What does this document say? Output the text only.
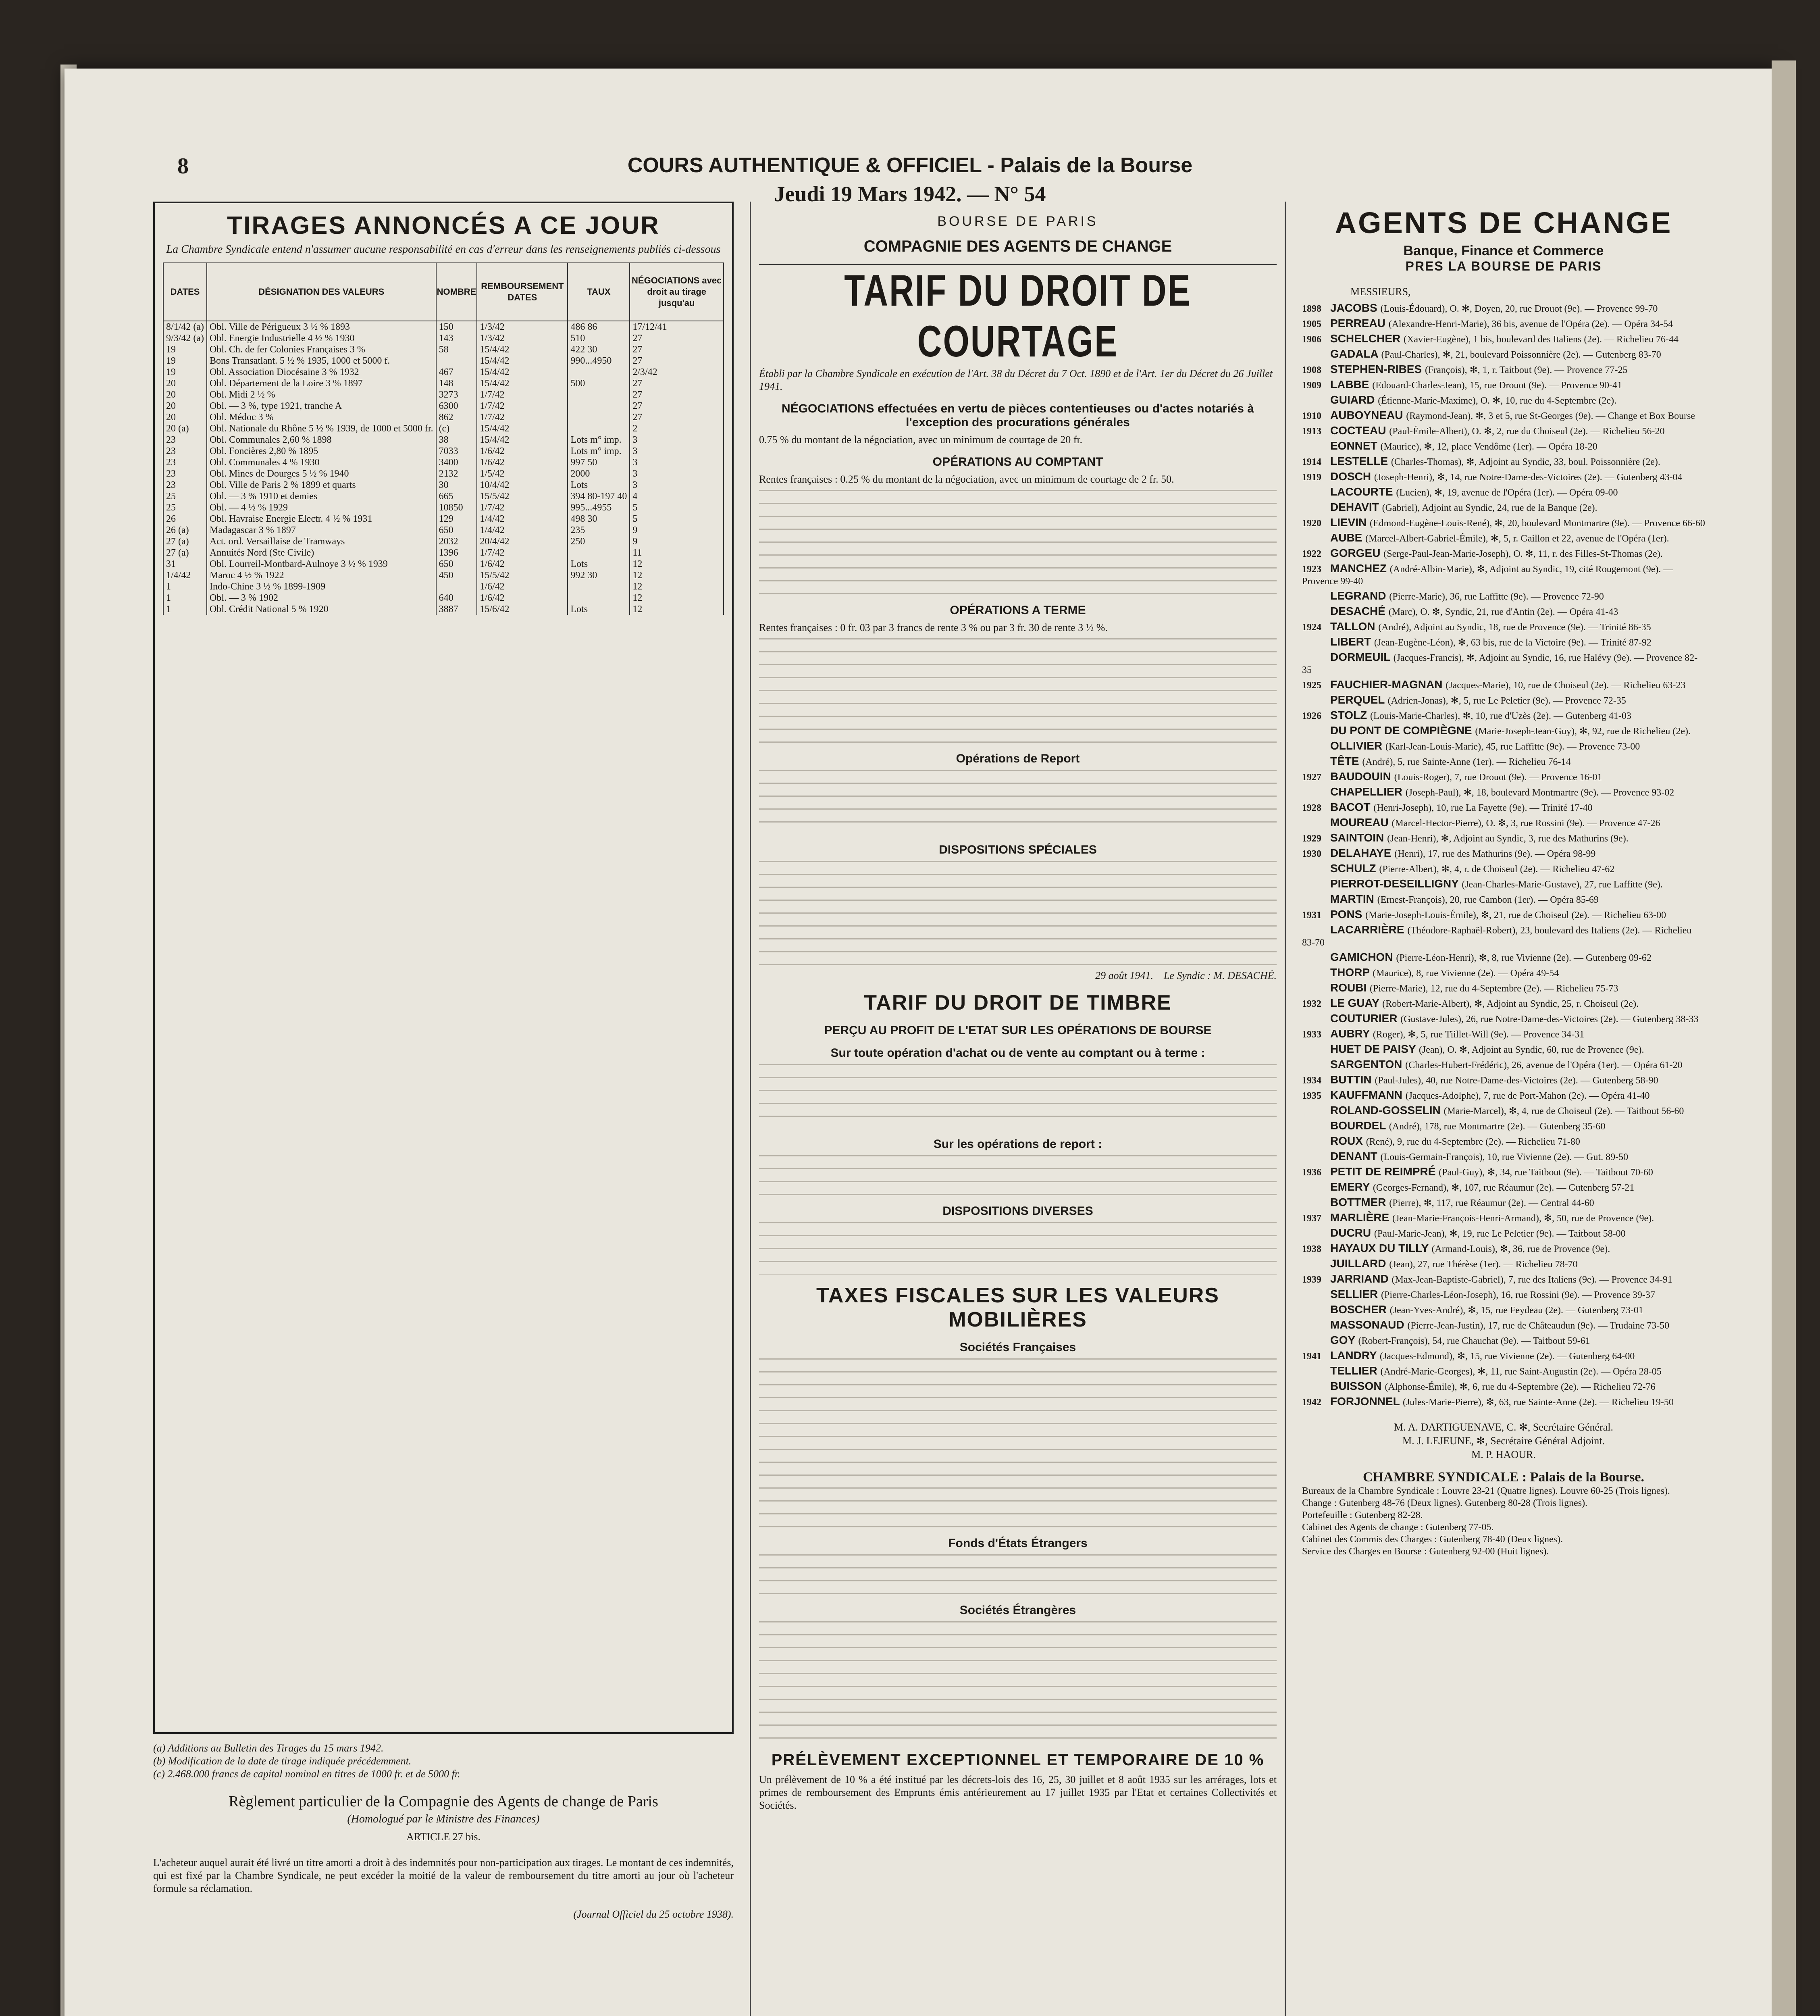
8	COURS AUTHENTIQUE & OFFICIEL - Palais de la Bourse
Jeudi 19 Mars 1942. — N° 54
TIRAGES ANNONCÉS A CE JOUR
La Chambre Syndicale entend n'assumer aucune responsabilité en cas d'erreur dans les renseignements publiés ci-dessous
DATES	DÉSIGNATION DES VALEURS	NOMBRE	REMBOURSEMENT DATES	TAUX	NÉGOCIATIONS avec droit au tirage jusqu'au
8/1/42 (a)	Obl. Ville de Périgueux 3 ½ % 1893	150	1/3/42	486 86	17/12/41
9/3/42 (a)	Obl. Energie Industrielle 4 ½ % 1930	143	1/3/42	510	27
19	Obl. Ch. de fer Colonies Françaises 3 %	58	15/4/42	422 30	27
19	Bons Transatlant. 5 ½ % 1935, 1000 et 5000 f.		15/4/42	990...4950	27
19	Obl. Association Diocésaine 3 % 1932	467	15/4/42		2/3/42
20	Obl. Département de la Loire 3 % 1897	148	15/4/42	500	27
20	Obl. Midi 2 ½ %	3273	1/7/42		27
20	Obl. — 3 %, type 1921, tranche A	6300	1/7/42		27
20	Obl. Médoc 3 %	862	1/7/42		27
20 (a)	Obl. Nationale du Rhône 5 ½ % 1939, de 1000 et 5000 fr.	(c)	15/4/42		2
23	Obl. Communales 2,60 % 1898	38	15/4/42	Lots m° imp.	3
23	Obl. Foncières 2,80 % 1895	7033	1/6/42	Lots m° imp.	3
23	Obl. Communales 4 % 1930	3400	1/6/42	997 50	3
23	Obl. Mines de Dourges 5 ½ % 1940	2132	1/5/42	2000	3
23	Obl. Ville de Paris 2 % 1899 et quarts	30	10/4/42	Lots	3
25	Obl. — 3 % 1910 et demies	665	15/5/42	394 80-197 40	4
25	Obl. — 4 ½ % 1929	10850	1/7/42	995...4955	5
26	Obl. Havraise Energie Electr. 4 ½ % 1931	129	1/4/42	498 30	5
26 (a)	Madagascar 3 % 1897	650	1/4/42	235	9
27 (a)	Act. ord. Versaillaise de Tramways	2032	20/4/42	250	9
27 (a)	Annuités Nord (Ste Civile)	1396	1/7/42		11
31	Obl. Lourreil-Montbard-Aulnoye 3 ½ % 1939	650	1/6/42	Lots	12
1/4/42	Maroc 4 ½ % 1922	450	15/5/42	992 30	12
1	Indo-Chine 3 ½ % 1899-1909		1/6/42		12
1	Obl. — 3 % 1902	640	1/6/42		12
1	Obl. Crédit National 5 % 1920	3887	15/6/42	Lots	12
(a) Additions au Bulletin des Tirages du 15 mars 1942.
(b) Modification de la date de tirage indiquée précédemment.
(c) 2.468.000 francs de capital nominal en titres de 1000 fr. et de 5000 fr.
Règlement particulier de la Compagnie des Agents de change de Paris
(Homologué par le Ministre des Finances)
ARTICLE 27 bis.

L'acheteur auquel aurait été livré un titre amorti a droit à des indemnités pour non-participation aux tirages. Le montant de ces indemnités, qui est fixé par la Chambre Syndicale, ne peut excéder la moitié de la valeur de remboursement du titre amorti au jour où l'acheteur formule sa réclamation.

(Journal Officiel du 25 octobre 1938).
BOURSE DE PARIS
COMPAGNIE DES AGENTS DE CHANGE
TARIF DU DROIT DE COURTAGE
Établi par la Chambre Syndicale en exécution de l'Art. 38 du Décret du 7 Oct. 1890 et de l'Art. 1er du Décret du 26 Juillet 1941.
NÉGOCIATIONS effectuées en vertu de pièces contentieuses ou d'actes notariés à l'exception des procurations générales

0.75 % du montant de la négociation, avec un minimum de courtage de 20 fr.

OPÉRATIONS AU COMPTANT

Rentes françaises : 0.25 % du montant de la négociation, avec un minimum de courtage de 2 fr. 50.

OPÉRATIONS A TERME

Rentes françaises : 0 fr. 03 par 3 francs de rente 3 % ou par 3 fr. 30 de rente 3 ½ %.

Opérations de Report
DISPOSITIONS SPÉCIALES
29 août 1941. Le Syndic : M. DESACHÉ.
TARIF DU DROIT DE TIMBRE
PERÇU AU PROFIT DE L'ETAT SUR LES OPÉRATIONS DE BOURSE
Sur toute opération d'achat ou de vente au comptant ou à terme :
Sur les opérations de report :
DISPOSITIONS DIVERSES
TAXES FISCALES SUR LES VALEURS MOBILIÈRES
Sociétés Françaises
Fonds d'États Étrangers
Sociétés Étrangères
PRÉLÈVEMENT EXCEPTIONNEL ET TEMPORAIRE DE 10 %

Un prélèvement de 10 % a été institué par les décrets-lois des 16, 25, 30 juillet et 8 août 1935 sur les arrérages, lots et primes de remboursement des Emprunts émis antérieurement au 17 juillet 1935 par l'Etat et certaines Collectivités et Sociétés.

AGENTS DE CHANGE
Banque, Finance et Commerce
PRES LA BOURSE DE PARIS
MESSIEURS,
1898 JACOBS (Louis-Édouard), O. ✻, Doyen, 20, rue Drouot (9e). — Provence 99-70
1905 PERREAU (Alexandre-Henri-Marie), 36 bis, avenue de l'Opéra (2e). — Opéra 34-54
1906 SCHELCHER (Xavier-Eugène), 1 bis, boulevard des Italiens (2e). — Richelieu 76-44
GADALA (Paul-Charles), ✻, 21, boulevard Poissonnière (2e). — Gutenberg 83-70
1908 STEPHEN-RIBES (François), ✻, 1, r. Taitbout (9e). — Provence 77-25
1909 LABBE (Edouard-Charles-Jean), 15, rue Drouot (9e). — Provence 90-41
GUIARD (Étienne-Marie-Maxime), O. ✻, 10, rue du 4-Septembre (2e).
1910 AUBOYNEAU (Raymond-Jean), ✻, 3 et 5, rue St-Georges (9e). — Change et Box Bourse
1913 COCTEAU (Paul-Émile-Albert), O. ✻, 2, rue du Choiseul (2e). — Richelieu 56-20
EONNET (Maurice), ✻, 12, place Vendôme (1er). — Opéra 18-20
1914 LESTELLE (Charles-Thomas), ✻, Adjoint au Syndic, 33, boul. Poissonnière (2e).
1919 DOSCH (Joseph-Henri), ✻, 14, rue Notre-Dame-des-Victoires (2e). — Gutenberg 43-04
LACOURTE (Lucien), ✻, 19, avenue de l'Opéra (1er). — Opéra 09-00
DEHAVIT (Gabriel), Adjoint au Syndic, 24, rue de la Banque (2e).
1920 LIEVIN (Edmond-Eugène-Louis-René), ✻, 20, boulevard Montmartre (9e). — Provence 66-60
AUBE (Marcel-Albert-Gabriel-Émile), ✻, 5, r. Gaillon et 22, avenue de l'Opéra (1er).
1922 GORGEU (Serge-Paul-Jean-Marie-Joseph), O. ✻, 11, r. des Filles-St-Thomas (2e).
1923 MANCHEZ (André-Albin-Marie), ✻, Adjoint au Syndic, 19, cité Rougemont (9e). — Provence 99-40
LEGRAND (Pierre-Marie), 36, rue Laffitte (9e). — Provence 72-90
DESACHÉ (Marc), O. ✻, Syndic, 21, rue d'Antin (2e). — Opéra 41-43
1924 TALLON (André), Adjoint au Syndic, 18, rue de Provence (9e). — Trinité 86-35
LIBERT (Jean-Eugène-Léon), ✻, 63 bis, rue de la Victoire (9e). — Trinité 87-92
DORMEUIL (Jacques-Francis), ✻, Adjoint au Syndic, 16, rue Halévy (9e). — Provence 82-35
1925 FAUCHIER-MAGNAN (Jacques-Marie), 10, rue de Choiseul (2e). — Richelieu 63-23
PERQUEL (Adrien-Jonas), ✻, 5, rue Le Peletier (9e). — Provence 72-35
1926 STOLZ (Louis-Marie-Charles), ✻, 10, rue d'Uzès (2e). — Gutenberg 41-03
DU PONT DE COMPIÈGNE (Marie-Joseph-Jean-Guy), ✻, 92, rue de Richelieu (2e).
OLLIVIER (Karl-Jean-Louis-Marie), 45, rue Laffitte (9e). — Provence 73-00
TÊTE (André), 5, rue Sainte-Anne (1er). — Richelieu 76-14
1927 BAUDOUIN (Louis-Roger), 7, rue Drouot (9e). — Provence 16-01
CHAPELLIER (Joseph-Paul), ✻, 18, boulevard Montmartre (9e). — Provence 93-02
1928 BACOT (Henri-Joseph), 10, rue La Fayette (9e). — Trinité 17-40
MOUREAU (Marcel-Hector-Pierre), O. ✻, 3, rue Rossini (9e). — Provence 47-26
1929 SAINTOIN (Jean-Henri), ✻, Adjoint au Syndic, 3, rue des Mathurins (9e).
1930 DELAHAYE (Henri), 17, rue des Mathurins (9e). — Opéra 98-99
SCHULZ (Pierre-Albert), ✻, 4, r. de Choiseul (2e). — Richelieu 47-62
PIERROT-DESEILLIGNY (Jean-Charles-Marie-Gustave), 27, rue Laffitte (9e).
MARTIN (Ernest-François), 20, rue Cambon (1er). — Opéra 85-69
1931 PONS (Marie-Joseph-Louis-Émile), ✻, 21, rue de Choiseul (2e). — Richelieu 63-00
LACARRIÈRE (Théodore-Raphaël-Robert), 23, boulevard des Italiens (2e). — Richelieu 83-70
GAMICHON (Pierre-Léon-Henri), ✻, 8, rue Vivienne (2e). — Gutenberg 09-62
THORP (Maurice), 8, rue Vivienne (2e). — Opéra 49-54
ROUBI (Pierre-Marie), 12, rue du 4-Septembre (2e). — Richelieu 75-73
1932 LE GUAY (Robert-Marie-Albert), ✻, Adjoint au Syndic, 25, r. Choiseul (2e).
COUTURIER (Gustave-Jules), 26, rue Notre-Dame-des-Victoires (2e). — Gutenberg 38-33
1933 AUBRY (Roger), ✻, 5, rue Tiillet-Will (9e). — Provence 34-31
HUET DE PAISY (Jean), O. ✻, Adjoint au Syndic, 60, rue de Provence (9e).
SARGENTON (Charles-Hubert-Frédéric), 26, avenue de l'Opéra (1er). — Opéra 61-20
1934 BUTTIN (Paul-Jules), 40, rue Notre-Dame-des-Victoires (2e). — Gutenberg 58-90
1935 KAUFFMANN (Jacques-Adolphe), 7, rue de Port-Mahon (2e). — Opéra 41-40
ROLAND-GOSSELIN (Marie-Marcel), ✻, 4, rue de Choiseul (2e). — Taitbout 56-60
BOURDEL (André), 178, rue Montmartre (2e). — Gutenberg 35-60
ROUX (René), 9, rue du 4-Septembre (2e). — Richelieu 71-80
DENANT (Louis-Germain-François), 10, rue Vivienne (2e). — Gut. 89-50
1936 PETIT DE REIMPRÉ (Paul-Guy), ✻, 34, rue Taitbout (9e). — Taitbout 70-60
EMERY (Georges-Fernand), ✻, 107, rue Réaumur (2e). — Gutenberg 57-21
BOTTMER (Pierre), ✻, 117, rue Réaumur (2e). — Central 44-60
1937 MARLIÈRE (Jean-Marie-François-Henri-Armand), ✻, 50, rue de Provence (9e).
DUCRU (Paul-Marie-Jean), ✻, 19, rue Le Peletier (9e). — Taitbout 58-00
1938 HAYAUX DU TILLY (Armand-Louis), ✻, 36, rue de Provence (9e).
JUILLARD (Jean), 27, rue Thérèse (1er). — Richelieu 78-70
1939 JARRIAND (Max-Jean-Baptiste-Gabriel), 7, rue des Italiens (9e). — Provence 34-91
SELLIER (Pierre-Charles-Léon-Joseph), 16, rue Rossini (9e). — Provence 39-37
BOSCHER (Jean-Yves-André), ✻, 15, rue Feydeau (2e). — Gutenberg 73-01
MASSONAUD (Pierre-Jean-Justin), 17, rue de Châteaudun (9e). — Trudaine 73-50
GOY (Robert-François), 54, rue Chauchat (9e). — Taitbout 59-61
1941 LANDRY (Jacques-Edmond), ✻, 15, rue Vivienne (2e). — Gutenberg 64-00
TELLIER (André-Marie-Georges), ✻, 11, rue Saint-Augustin (2e). — Opéra 28-05
BUISSON (Alphonse-Émile), ✻, 6, rue du 4-Septembre (2e). — Richelieu 72-76
1942 FORJONNEL (Jules-Marie-Pierre), ✻, 63, rue Sainte-Anne (2e). — Richelieu 19-50
M. A. DARTIGUENAVE, C. ✻, Secrétaire Général.
M. J. LEJEUNE, ✻, Secrétaire Général Adjoint.
M. P. HAOUR.
CHAMBRE SYNDICALE : Palais de la Bourse.
Bureaux de la Chambre Syndicale : Louvre 23-21 (Quatre lignes). Louvre 60-25 (Trois lignes).
Change : Gutenberg 48-76 (Deux lignes). Gutenberg 80-28 (Trois lignes).
Portefeuille : Gutenberg 82-28.
Cabinet des Agents de change : Gutenberg 77-05.
Cabinet des Commis des Charges : Gutenberg 78-40 (Deux lignes).
Service des Charges en Bourse : Gutenberg 92-00 (Huit lignes).
